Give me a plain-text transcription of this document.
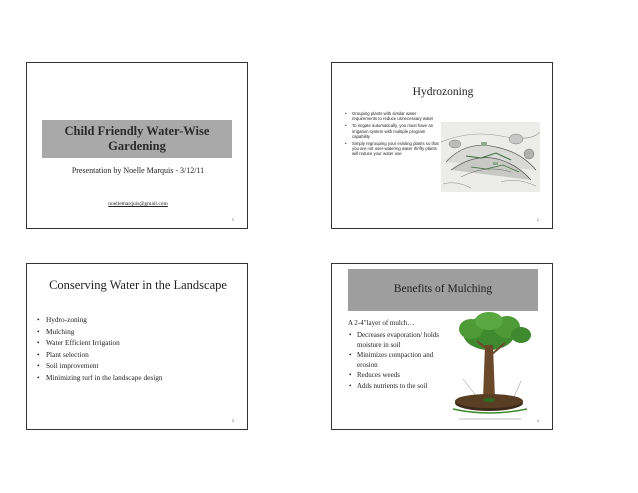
Child Friendly Water-Wise Gardening
Presentation by Noelle Marquis - 3/12/11
noellemarquis@gmail.com
1
Hydrozoning
• Grouping plants with similar water requirements to reduce unnecessary water
• To irrigate automatically, you must have an irrigation system with multiple program capability
• Simply regrouping your existing plants so that you are not over-watering water thrifty plants will reduce your water use
2
Conserving Water in the Landscape
• Hydro-zoning
• Mulching
• Water Efficient Irrigation
• Plant selection
• Soil improvement
• Minimizing turf in the landscape design
3
Benefits of Mulching
A 2-4"layer of mulch…
• Decreases evaporation/ holds moisture in soil
• Minimizes compaction and erosion
• Reduces weeds
• Adds nutrients to the soil
4
